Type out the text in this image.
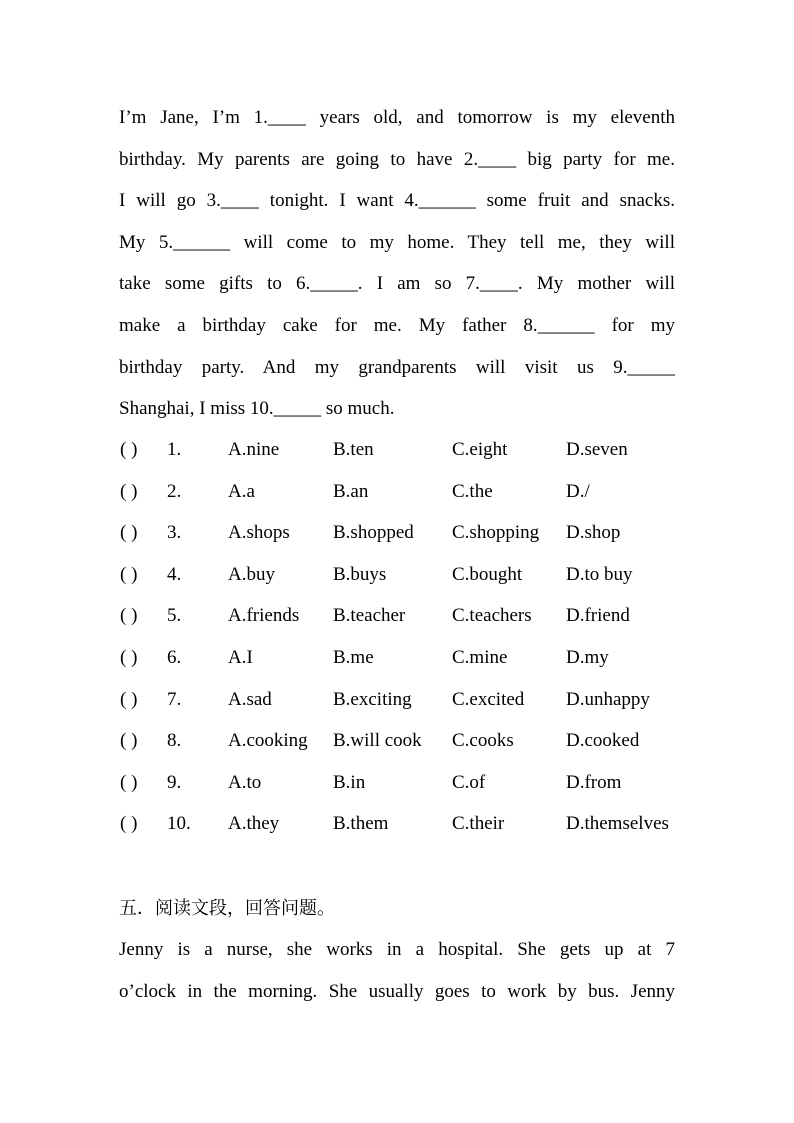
I’m Jane, I’m 1.____ years old, and tomorrow is my eleventh
birthday. My parents are going to have 2.____ big party for me.
I will go 3.____ tonight. I want 4.______ some fruit and snacks.
My 5.______ will come to my home. They tell me, they will
take some gifts to 6._____. I am so 7.____. My mother will
make a birthday cake for me. My father 8.______ for my
birthday party. And my grandparents will visit us 9._____
Shanghai, I miss 10._____ so much.
( ) 1. A.nine	B.ten	C.eight	D.seven
( ) 2. A.a	B.an	C.the	D./
( ) 3. A.shops B.shopped C.shopping D.shop
( ) 4. A.buy	B.buys	C.bought D.to buy
( ) 5. A.friends B.teacher C.teachers D.friend
( ) 6. A.I	B.me	C.mine	D.my
( ) 7. A.sad	B.exciting C.excited D.unhappy
( ) 8. A.cooking B.will cook C.cooks	D.cooked
( ) 9. A.to	B.in	C.of	D.from
( ) 10. A.they	B.them	C.their	D.themselves
五．阅读文段，回答问题。
Jenny is a nurse, she works in a hospital. She gets up at 7
o’clock in the morning. She usually goes to work by bus. Jenny
